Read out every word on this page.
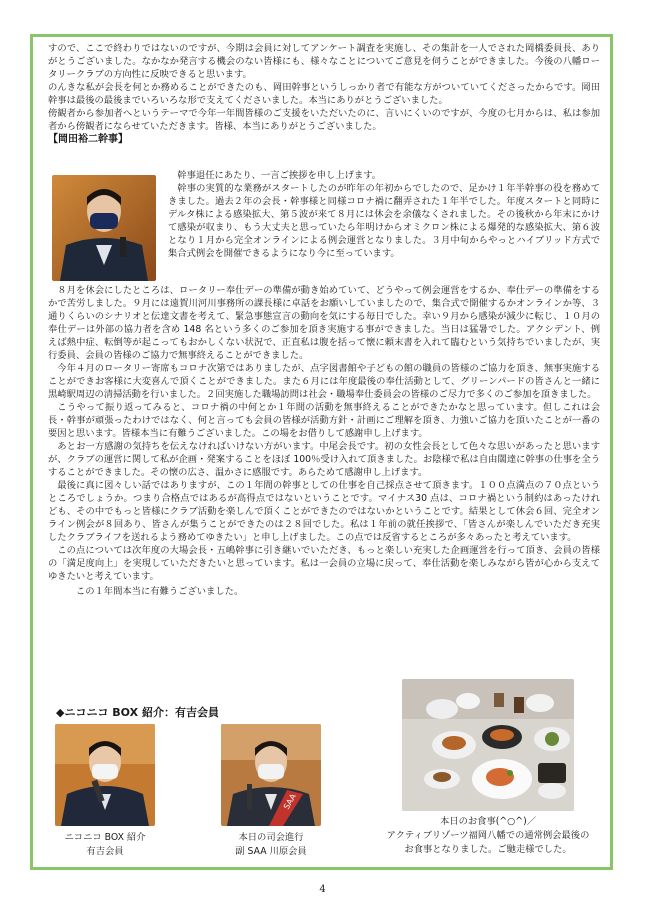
すので、ここで終わりではないのですが、今期は会員に対してアンケート調査を実施し、その集計を一人でされた岡橋委員長、ありがとうございました。なかなか発言する機会のない皆様にも、様々なことについてご意見を伺うことができました。今後の八幡ロータリークラブの方向性に反映できると思います。

のんきな私が会長を何とか務めることができたのも、岡田幹事というしっかり者で有能な方がついていてくださったからです。岡田幹事は最後の最後までいろいろな形で支えてくださいました。本当にありがとうございました。

傍観者から参加者へというテーマで今年一年間皆様のご支援をいただいたのに、言いにくいのですが、今度の七月からは、私は参加者から傍観者にならせていただきます。皆様、本当にありがとうございました。

【岡田裕二幹事】

幹事退任にあたり、一言ご挨拶を申し上げます。

幹事の実質的な業務がスタートしたのが昨年の年初からでしたので、足かけ１年半幹事の役を務めてきました。過去２年の会長・幹事様と同様コロナ禍に翻弄された１年半でした。年度スタートと同時にデルタ株による感染拡大、第５波が来て８月には休会を余儀なくされました。その後秋から年末にかけて感染が収まり、もう大丈夫と思っていたら年明けからオミクロン株による爆発的な感染拡大、第６波となり１月から完全オンラインによる例会運営となりました。３月中旬からやっとハイブリッド方式で集合式例会を開催できるようになり今に至っています。

８月を休会にしたところは、ロータリー奉仕デーの準備が動き始めていて、どうやって例会運営をするか、奉仕デーの準備をするかで苦労しました。９月には遠賀川河川事務所の課長様に卓話をお願いしていましたので、集合式で開催するかオンラインか等、３通りくらいのシナリオと伝達文書を考えて、緊急事態宣言の動向を気にする毎日でした。幸い９月から感染が減少に転じ、１０月の奉仕デーは外部の協力者を含め 148 名という多くのご参加を頂き実施する事ができました。当日は猛暑でした。アクシデント、例えば熱中症、転倒等が起こってもおかしくない状況で、正直私は腹を括って懐に頼末書を入れて臨むという気持ちでいましたが、実行委員、会員の皆様のご協力で無事終えることができました。

今年４月のロータリー寄席もコロナ次第ではありましたが、点字図書館や子どもの館の職員の皆様のご協力を頂き、無事実施することができお客様に大変喜んで頂くことができました。また６月には年度最後の奉仕活動として、グリーンパードの皆さんと一緒に黒崎駅周辺の清掃活動を行いました。２回実施した職場訪問は社会・職場奉仕委員会の皆様のご尽力で多くのご参加を頂きました。

こうやって振り返ってみると、コロナ禍の中何とか１年間の活動を無事終えることができたかなと思っています。但しこれは会長・幹事が頑張ったわけではなく、何と言っても会員の皆様が活動方針・計画にご理解を頂き、力強いご協力を頂いたことが一番の要因と思います。皆様本当に有難うございました。この場をお借りして感謝申し上げます。

あとお一方感謝の気持ちを伝えなければいけない方がいます。中尾会長です。初の女性会長として色々な思いがあったと思いますが、クラブの運営に関して私が企画・発案することをほぼ 100％受け入れて頂きました。お陰様で私は自由闊達に幹事の仕事を全うすることができました。その懐の広さ、温かさに感服です。あらためて感謝申し上げます。

最後に真に図々しい話ではありますが、この１年間の幹事としての仕事を自己採点させて頂きます。１００点満点の７０点というところでしょうか。つまり合格点ではあるが高得点ではないということです。マイナス30 点は、コロナ禍という制約はあったけれども、その中でもっと皆様にクラブ活動を楽しんで頂くことができたのではないかということです。結果として休会６回、完全オンライン例会が８回あり、皆さんが集うことができたのは２８回でした。私は１年前の就任挨拶で、「皆さんが楽しんでいただき充実したクラブライフを送れるよう務めてゆきたい」と申し上げました。この点では反省するところが多々あったと考えています。

この点については次年度の大場会長・五嶋幹事に引き継いでいただき、もっと楽しい充実した企画運営を行って頂き、会員の皆様の「満足度向上」を実現していただきたいと思っています。私は一会員の立場に戻って、奉仕活動を楽しみながら皆が心から支えてゆきたいと考えています。

この１年間本当に有難うございました。

◆ニコニコ BOX 紹介：有吉会員
ニコニコ BOX 紹介
有吉会員
SAA
本日の司会進行
副 SAA 川原会員
本日のお食事(^○^)／
アクティブリゾーツ福岡八幡での通常例会最後の
お食事となりました。ご馳走様でした。
4
